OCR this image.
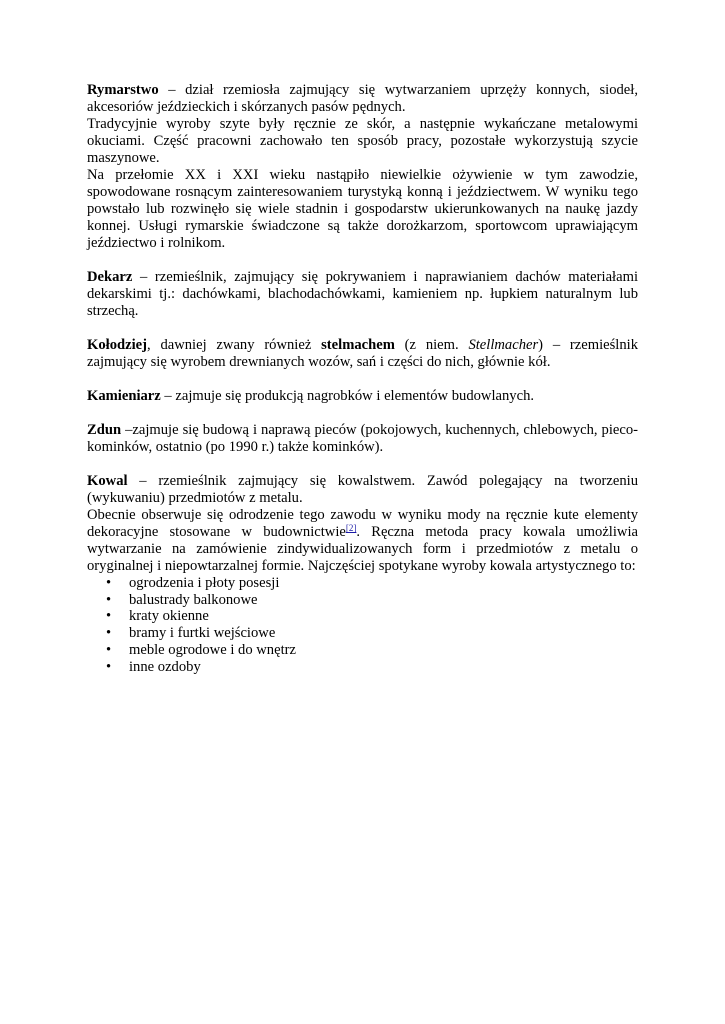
Rymarstwo – dział rzemiosła zajmujący się wytwarzaniem uprzęży konnych, siodeł, akcesoriów jeździeckich i skórzanych pasów pędnych.

Tradycyjnie wyroby szyte były ręcznie ze skór, a następnie wykańczane metalowymi okuciami. Część pracowni zachowało ten sposób pracy, pozostałe wykorzystują szycie maszynowe.

Na przełomie XX i XXI wieku nastąpiło niewielkie ożywienie w tym zawodzie, spowodowane rosnącym zainteresowaniem turystyką konną i jeździectwem. W wyniku tego powstało lub rozwinęło się wiele stadnin i gospodarstw ukierunkowanych na naukę jazdy konnej. Usługi rymarskie świadczone są także dorożkarzom, sportowcom uprawiającym jeździectwo i rolnikom.

Dekarz – rzemieślnik, zajmujący się pokrywaniem i naprawianiem dachów materiałami dekarskimi tj.: dachówkami, blachodachówkami, kamieniem np. łupkiem naturalnym lub strzechą.

Kołodziej, dawniej zwany również stelmachem (z niem. Stellmacher) – rzemieślnik zajmujący się wyrobem drewnianych wozów, sań i części do nich, głównie kół.

Kamieniarz – zajmuje się produkcją nagrobków i elementów budowlanych.

Zdun –zajmuje się budową i naprawą pieców (pokojowych, kuchennych, chlebowych, pieco-kominków, ostatnio (po 1990 r.) także kominków).

Kowal – rzemieślnik zajmujący się kowalstwem. Zawód polegający na tworzeniu (wykuwaniu) przedmiotów z metalu.

Obecnie obserwuje się odrodzenie tego zawodu w wyniku mody na ręcznie kute elementy dekoracyjne stosowane w budownictwie[2]. Ręczna metoda pracy kowala umożliwia wytwarzanie na zamówienie zindywidualizowanych form i przedmiotów z metalu o oryginalnej i niepowtarzalnej formie. Najczęściej spotykane wyroby kowala artystycznego to:

• ogrodzenia i płoty posesji
• balustrady balkonowe
• kraty okienne
• bramy i furtki wejściowe
• meble ogrodowe i do wnętrz
• inne ozdoby
